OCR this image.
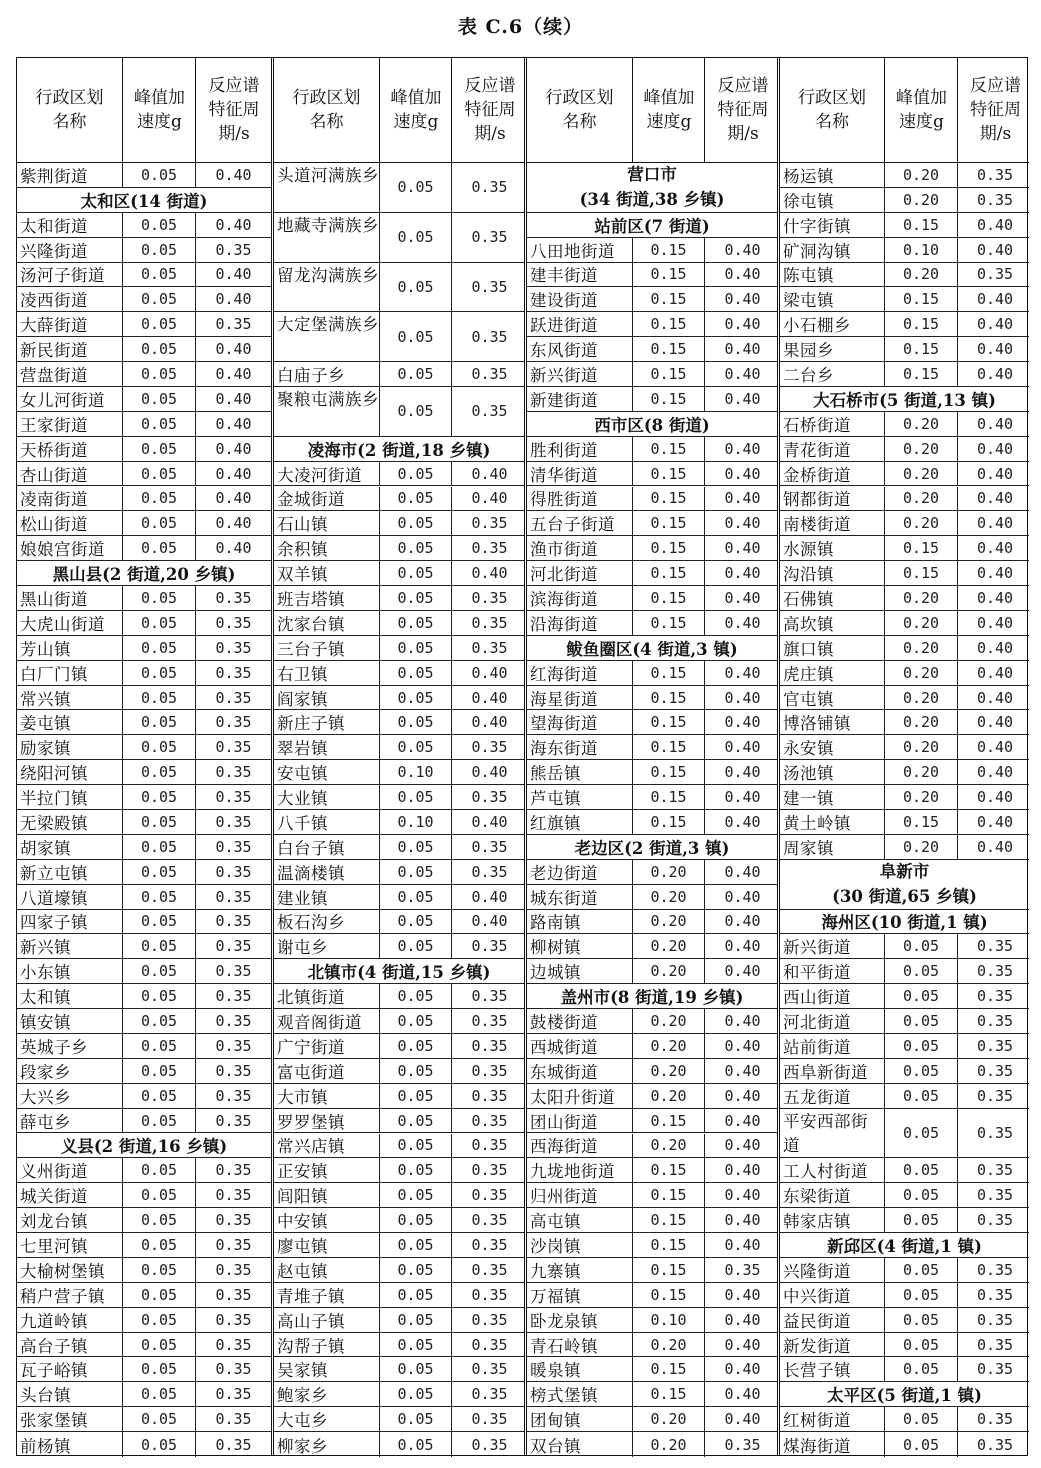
表 C.6（续）
行政区划名称
峰值加速度g
反应谱特征周期/s
紫荆街道	0.05	0.40
太和区(14 街道)
太和街道	0.05	0.40
兴隆街道	0.05	0.35
汤河子街道	0.05	0.40
凌西街道	0.05	0.40
大薛街道	0.05	0.35
新民街道	0.05	0.40
营盘街道	0.05	0.40
女儿河街道	0.05	0.40
王家街道	0.05	0.40
天桥街道	0.05	0.40
杏山街道	0.05	0.40
凌南街道	0.05	0.40
松山街道	0.05	0.40
娘娘宫街道	0.05	0.40
黑山县(2 街道,20 乡镇)
黑山街道	0.05	0.35
大虎山街道	0.05	0.35
芳山镇	0.05	0.35
白厂门镇	0.05	0.35
常兴镇	0.05	0.35
姜屯镇	0.05	0.35
励家镇	0.05	0.35
绕阳河镇	0.05	0.35
半拉门镇	0.05	0.35
无梁殿镇	0.05	0.35
胡家镇	0.05	0.35
新立屯镇	0.05	0.35
八道壕镇	0.05	0.35
四家子镇	0.05	0.35
新兴镇	0.05	0.35
小东镇	0.05	0.35
太和镇	0.05	0.35
镇安镇	0.05	0.35
英城子乡	0.05	0.35
段家乡	0.05	0.35
大兴乡	0.05	0.35
薛屯乡	0.05	0.35
义县(2 街道,16 乡镇)
义州街道	0.05	0.35
城关街道	0.05	0.35
刘龙台镇	0.05	0.35
七里河镇	0.05	0.35
大榆树堡镇	0.05	0.35
稍户营子镇	0.05	0.35
九道岭镇	0.05	0.35
高台子镇	0.05	0.35
瓦子峪镇	0.05	0.35
头台镇	0.05	0.35
张家堡镇	0.05	0.35
前杨镇	0.05	0.35
行政区划名称
峰值加速度g
反应谱特征周期/s
头道河满族乡
0.05	0.35
地藏寺满族乡
0.05	0.35
留龙沟满族乡
0.05	0.35
大定堡满族乡
0.05	0.35
白庙子乡	0.05	0.35
聚粮屯满族乡
0.05	0.35
凌海市(2 街道,18 乡镇)
大凌河街道	0.05	0.40
金城街道	0.05	0.40
石山镇	0.05	0.35
余积镇	0.05	0.35
双羊镇	0.05	0.40
班吉塔镇	0.05	0.35
沈家台镇	0.05	0.35
三台子镇	0.05	0.35
右卫镇	0.05	0.40
阎家镇	0.05	0.40
新庄子镇	0.05	0.40
翠岩镇	0.05	0.35
安屯镇	0.10	0.40
大业镇	0.05	0.35
八千镇	0.10	0.40
白台子镇	0.05	0.35
温滴楼镇	0.05	0.35
建业镇	0.05	0.40
板石沟乡	0.05	0.40
谢屯乡	0.05	0.35
北镇市(4 街道,15 乡镇)
北镇街道	0.05	0.35
观音阁街道	0.05	0.35
广宁街道	0.05	0.35
富屯街道	0.05	0.35
大市镇	0.05	0.35
罗罗堡镇	0.05	0.35
常兴店镇	0.05	0.35
正安镇	0.05	0.35
闾阳镇	0.05	0.35
中安镇	0.05	0.35
廖屯镇	0.05	0.35
赵屯镇	0.05	0.35
青堆子镇	0.05	0.35
高山子镇	0.05	0.35
沟帮子镇	0.05	0.35
吴家镇	0.05	0.35
鲍家乡	0.05	0.35
大屯乡	0.05	0.35
柳家乡	0.05	0.35
行政区划名称
峰值加速度g
反应谱特征周期/s
营口市
(34 街道,38 乡镇)
站前区(7 街道)
八田地街道	0.15	0.40
建丰街道	0.15	0.40
建设街道	0.15	0.40
跃进街道	0.15	0.40
东风街道	0.15	0.40
新兴街道	0.15	0.40
新建街道	0.15	0.40
西市区(8 街道)
胜利街道	0.15	0.40
清华街道	0.15	0.40
得胜街道	0.15	0.40
五台子街道	0.15	0.40
渔市街道	0.15	0.40
河北街道	0.15	0.40
滨海街道	0.15	0.40
沿海街道	0.15	0.40
鲅鱼圈区(4 街道,3 镇)
红海街道	0.15	0.40
海星街道	0.15	0.40
望海街道	0.15	0.40
海东街道	0.15	0.40
熊岳镇	0.15	0.40
芦屯镇	0.15	0.40
红旗镇	0.15	0.40
老边区(2 街道,3 镇)
老边街道	0.20	0.40
城东街道	0.20	0.40
路南镇	0.20	0.40
柳树镇	0.20	0.40
边城镇	0.20	0.40
盖州市(8 街道,19 乡镇)
鼓楼街道	0.20	0.40
西城街道	0.20	0.40
东城街道	0.20	0.40
太阳升街道	0.20	0.40
团山街道	0.15	0.40
西海街道	0.20	0.40
九垅地街道	0.15	0.40
归州街道	0.15	0.40
高屯镇	0.15	0.40
沙岗镇	0.15	0.40
九寨镇	0.15	0.35
万福镇	0.15	0.40
卧龙泉镇	0.10	0.40
青石岭镇	0.20	0.40
暖泉镇	0.15	0.40
榜式堡镇	0.15	0.40
团甸镇	0.20	0.40
双台镇	0.20	0.35
行政区划名称
峰值加速度g
反应谱特征周期/s
杨运镇	0.20	0.35
徐屯镇	0.20	0.35
什字街镇	0.15	0.40
矿洞沟镇	0.10	0.40
陈屯镇	0.20	0.35
梁屯镇	0.15	0.40
小石棚乡	0.15	0.40
果园乡	0.15	0.40
二台乡	0.15	0.40
大石桥市(5 街道,13 镇)
石桥街道	0.20	0.40
青花街道	0.20	0.40
金桥街道	0.20	0.40
钢都街道	0.20	0.40
南楼街道	0.20	0.40
水源镇	0.15	0.40
沟沿镇	0.15	0.40
石佛镇	0.20	0.40
高坎镇	0.20	0.40
旗口镇	0.20	0.40
虎庄镇	0.20	0.40
官屯镇	0.20	0.40
博洛铺镇	0.20	0.40
永安镇	0.20	0.40
汤池镇	0.20	0.40
建一镇	0.20	0.40
黄土岭镇	0.15	0.40
周家镇	0.20	0.40
阜新市
(30 街道,65 乡镇)
海州区(10 街道,1 镇)
新兴街道	0.05	0.35
和平街道	0.05	0.35
西山街道	0.05	0.35
河北街道	0.05	0.35
站前街道	0.05	0.35
西阜新街道	0.05	0.35
五龙街道	0.05	0.35
平安西部街道
0.05	0.35
工人村街道	0.05	0.35
东梁街道	0.05	0.35
韩家店镇	0.05	0.35
新邱区(4 街道,1 镇)
兴隆街道	0.05	0.35
中兴街道	0.05	0.35
益民街道	0.05	0.35
新发街道	0.05	0.35
长营子镇	0.05	0.35
太平区(5 街道,1 镇)
红树街道	0.05	0.35
煤海街道	0.05	0.35
